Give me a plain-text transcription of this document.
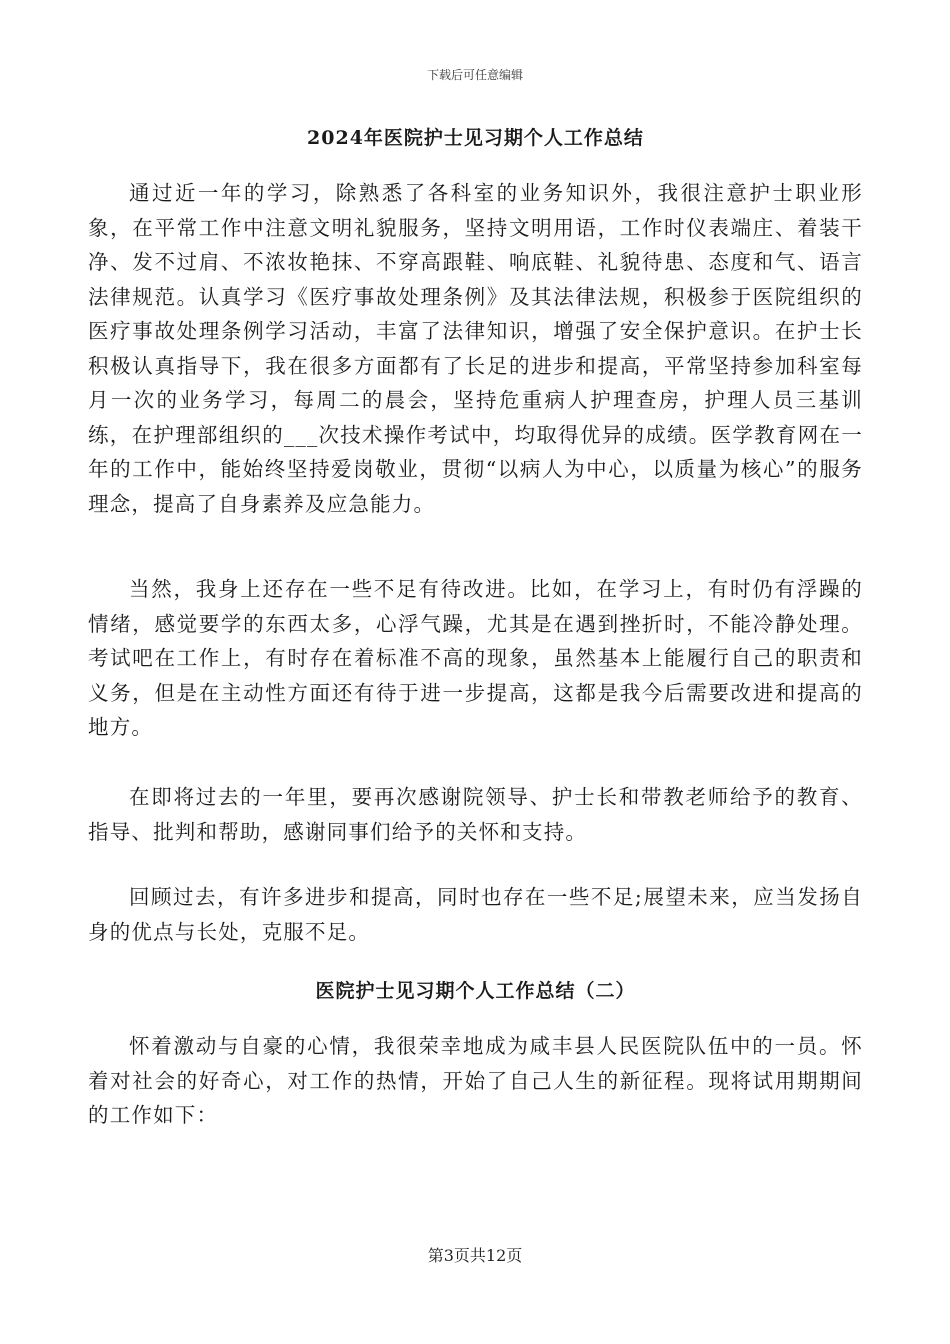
下载后可任意编辑
2024年医院护士见习期个人工作总结

通过近一年的学习，除熟悉了各科室的业务知识外，我很注意护士职业形象，在平常工作中注意文明礼貌服务，坚持文明用语，工作时仪表端庄、着装干净、发不过肩、不浓妆艳抹、不穿高跟鞋、响底鞋、礼貌待患、态度和气、语言法律规范。认真学习《医疗事故处理条例》及其法律法规，积极参于医院组织的医疗事故处理条例学习活动，丰富了法律知识，增强了安全保护意识。在护士长积极认真指导下，我在很多方面都有了长足的进步和提高，平常坚持参加科室每月一次的业务学习，每周二的晨会，坚持危重病人护理查房，护理人员三基训练，在护理部组织的___次技术操作考试中，均取得优异的成绩。医学教育网在一年的工作中，能始终坚持爱岗敬业，贯彻“以病人为中心，以质量为核心”的服务理念，提高了自身素养及应急能力。

当然，我身上还存在一些不足有待改进。比如，在学习上，有时仍有浮躁的情绪，感觉要学的东西太多，心浮气躁，尤其是在遇到挫折时，不能冷静处理。考试吧在工作上，有时存在着标准不高的现象，虽然基本上能履行自己的职责和义务，但是在主动性方面还有待于进一步提高，这都是我今后需要改进和提高的地方。

在即将过去的一年里，要再次感谢院领导、护士长和带教老师给予的教育、指导、批判和帮助，感谢同事们给予的关怀和支持。

回顾过去，有许多进步和提高，同时也存在一些不足;展望未来，应当发扬自身的优点与长处，克服不足。

医院护士见习期个人工作总结（二）

怀着激动与自豪的心情，我很荣幸地成为咸丰县人民医院队伍中的一员。怀着对社会的好奇心，对工作的热情，开始了自己人生的新征程。现将试用期期间的工作如下：

第3页共12页
